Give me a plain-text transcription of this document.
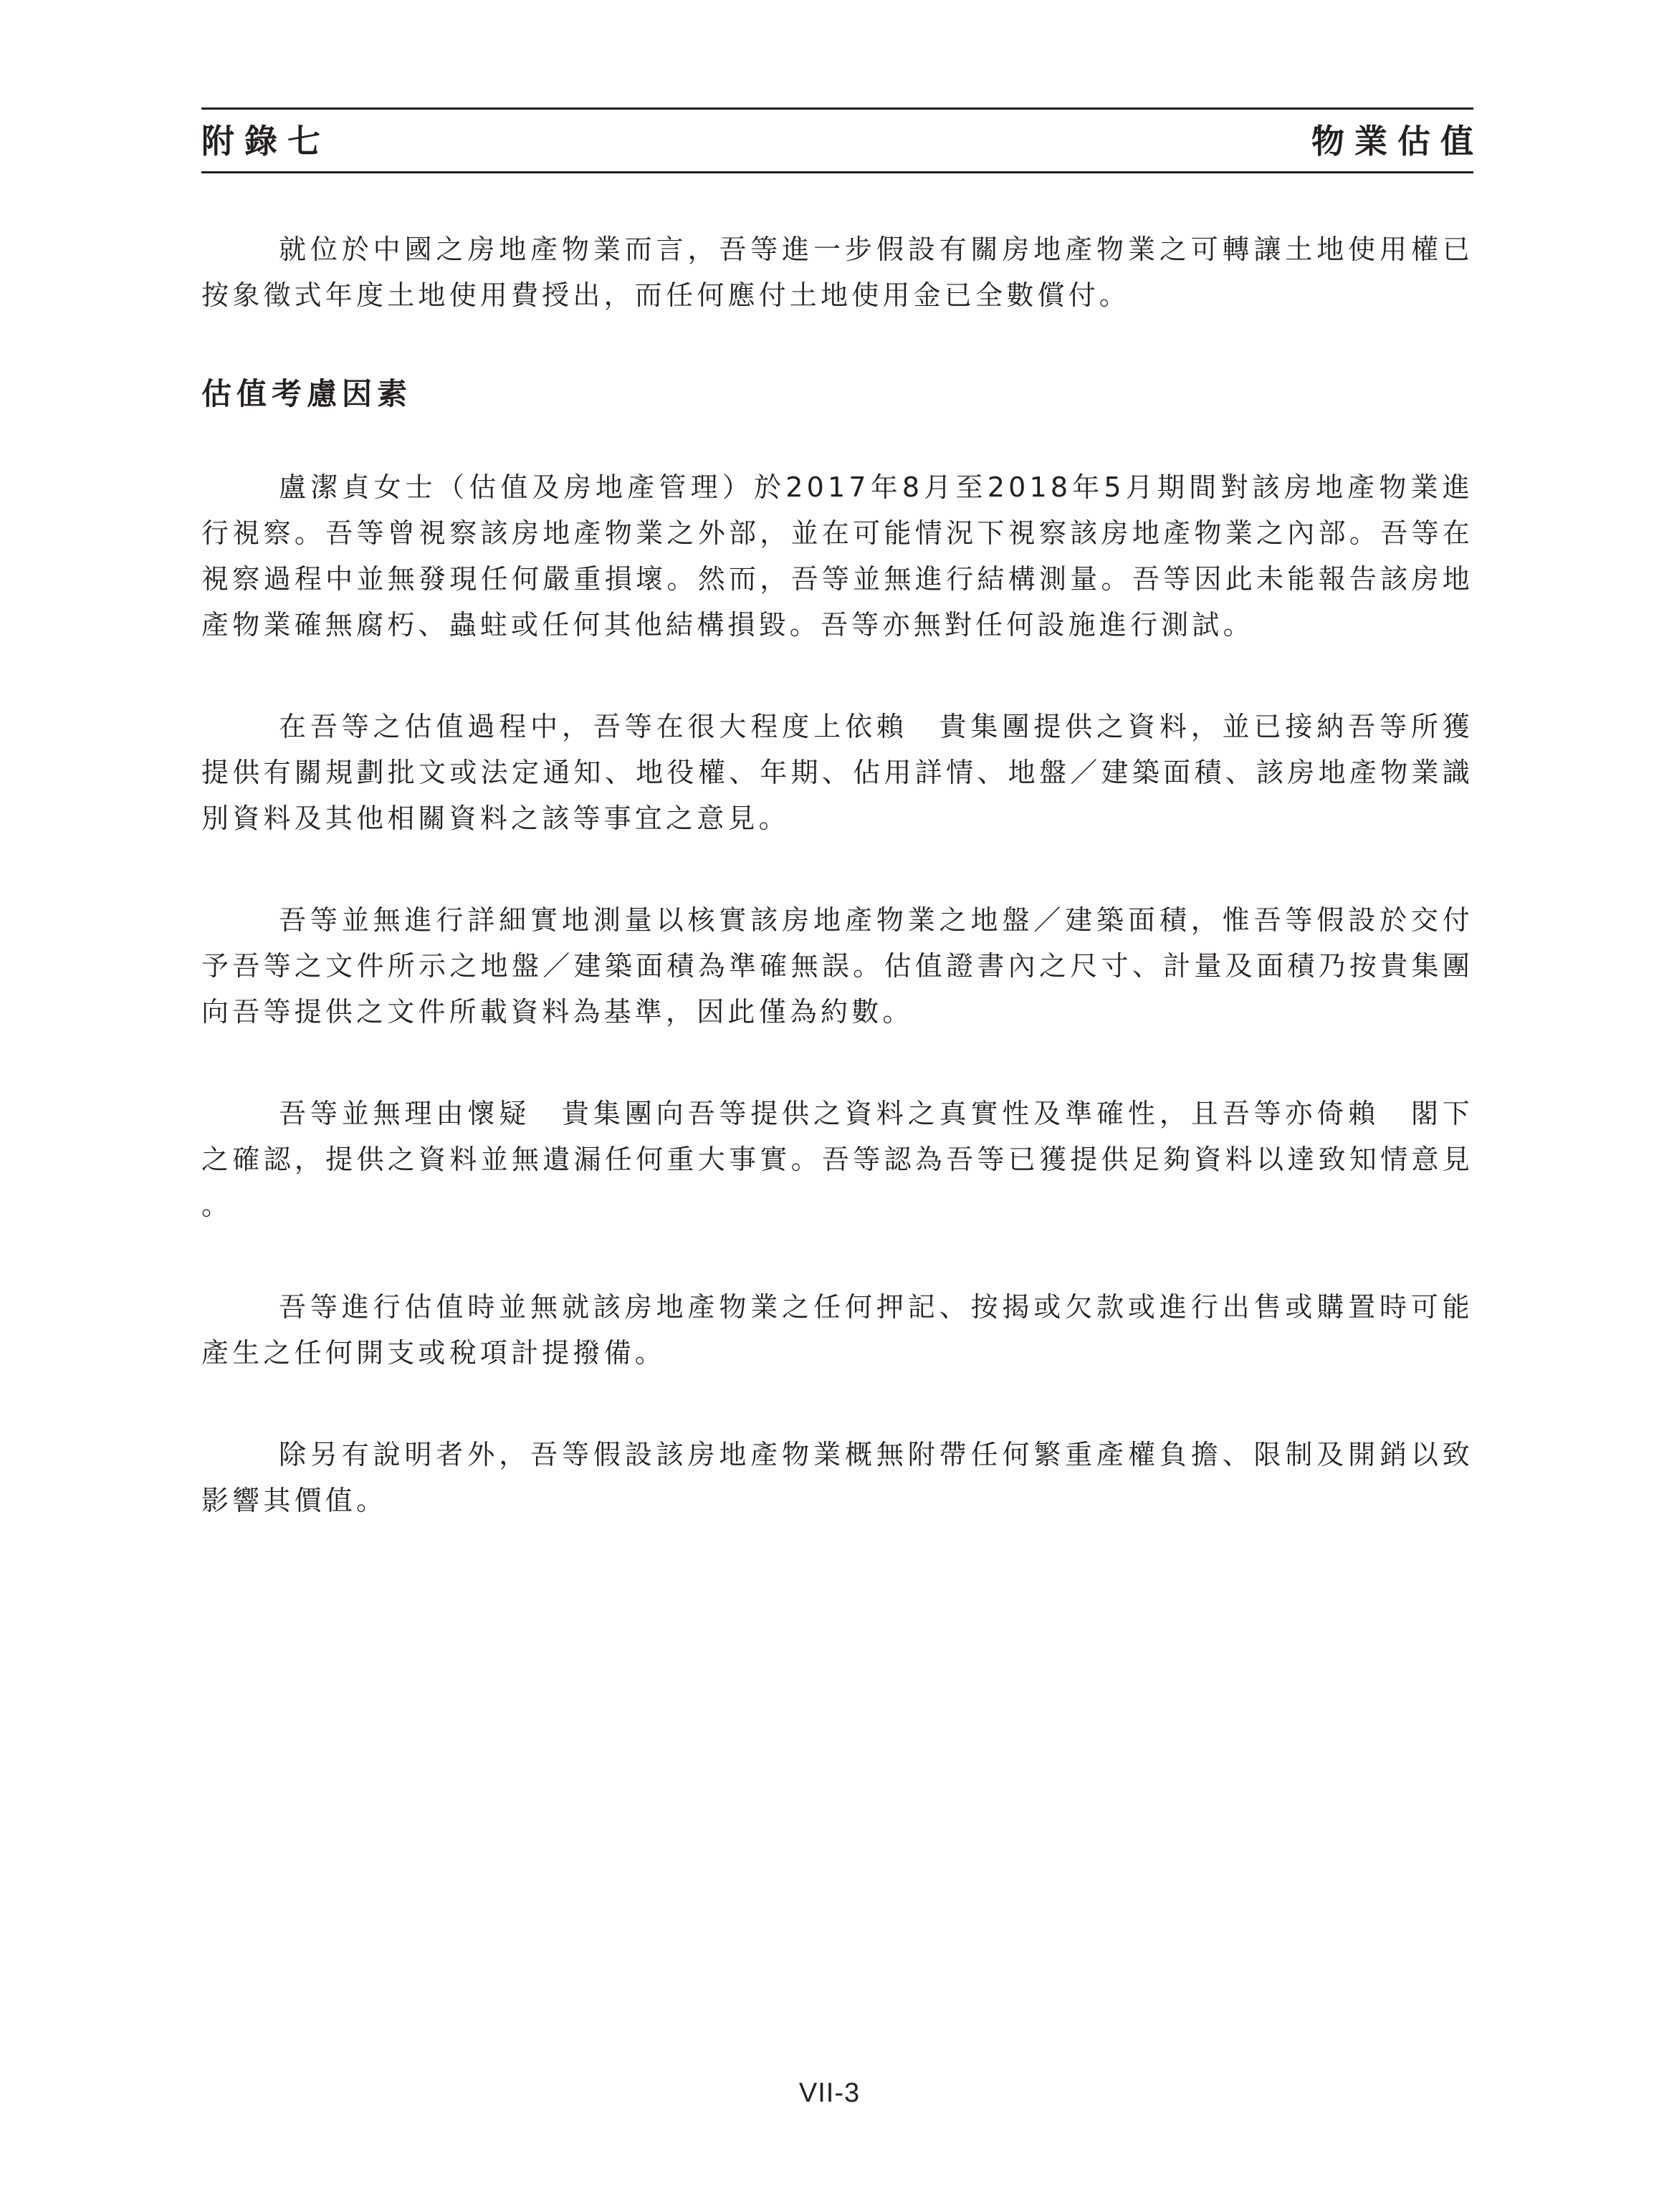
附錄七	物業估值

就位於中國之房地產物業而言，吾等進一步假設有關房地產物業之可轉讓土地使用權已按象徵式年度土地使用費授出，而任何應付土地使用金已全數償付。

估值考慮因素

盧潔貞女士（估值及房地產管理）於2017年8月至2018年5月期間對該房地產物業進行視察。吾等曾視察該房地產物業之外部，並在可能情況下視察該房地產物業之內部。吾等在視察過程中並無發現任何嚴重損壞。然而，吾等並無進行結構測量。吾等因此未能報告該房地產物業確無腐朽、蟲蛀或任何其他結構損毀。吾等亦無對任何設施進行測試。

在吾等之估值過程中，吾等在很大程度上依賴　貴集團提供之資料，並已接納吾等所獲提供有關規劃批文或法定通知、地役權、年期、佔用詳情、地盤／建築面積、該房地產物業識別資料及其他相關資料之該等事宜之意見。

吾等並無進行詳細實地測量以核實該房地產物業之地盤／建築面積，惟吾等假設於交付予吾等之文件所示之地盤／建築面積為準確無誤。估值證書內之尺寸、計量及面積乃按貴集團向吾等提供之文件所載資料為基準，因此僅為約數。

吾等並無理由懷疑　貴集團向吾等提供之資料之真實性及準確性，且吾等亦倚賴　閣下之確認，提供之資料並無遺漏任何重大事實。吾等認為吾等已獲提供足夠資料以達致知情意見。

吾等進行估值時並無就該房地產物業之任何押記、按揭或欠款或進行出售或購置時可能產生之任何開支或稅項計提撥備。

除另有說明者外，吾等假設該房地產物業概無附帶任何繁重產權負擔、限制及開銷以致影響其價值。

VII-3
